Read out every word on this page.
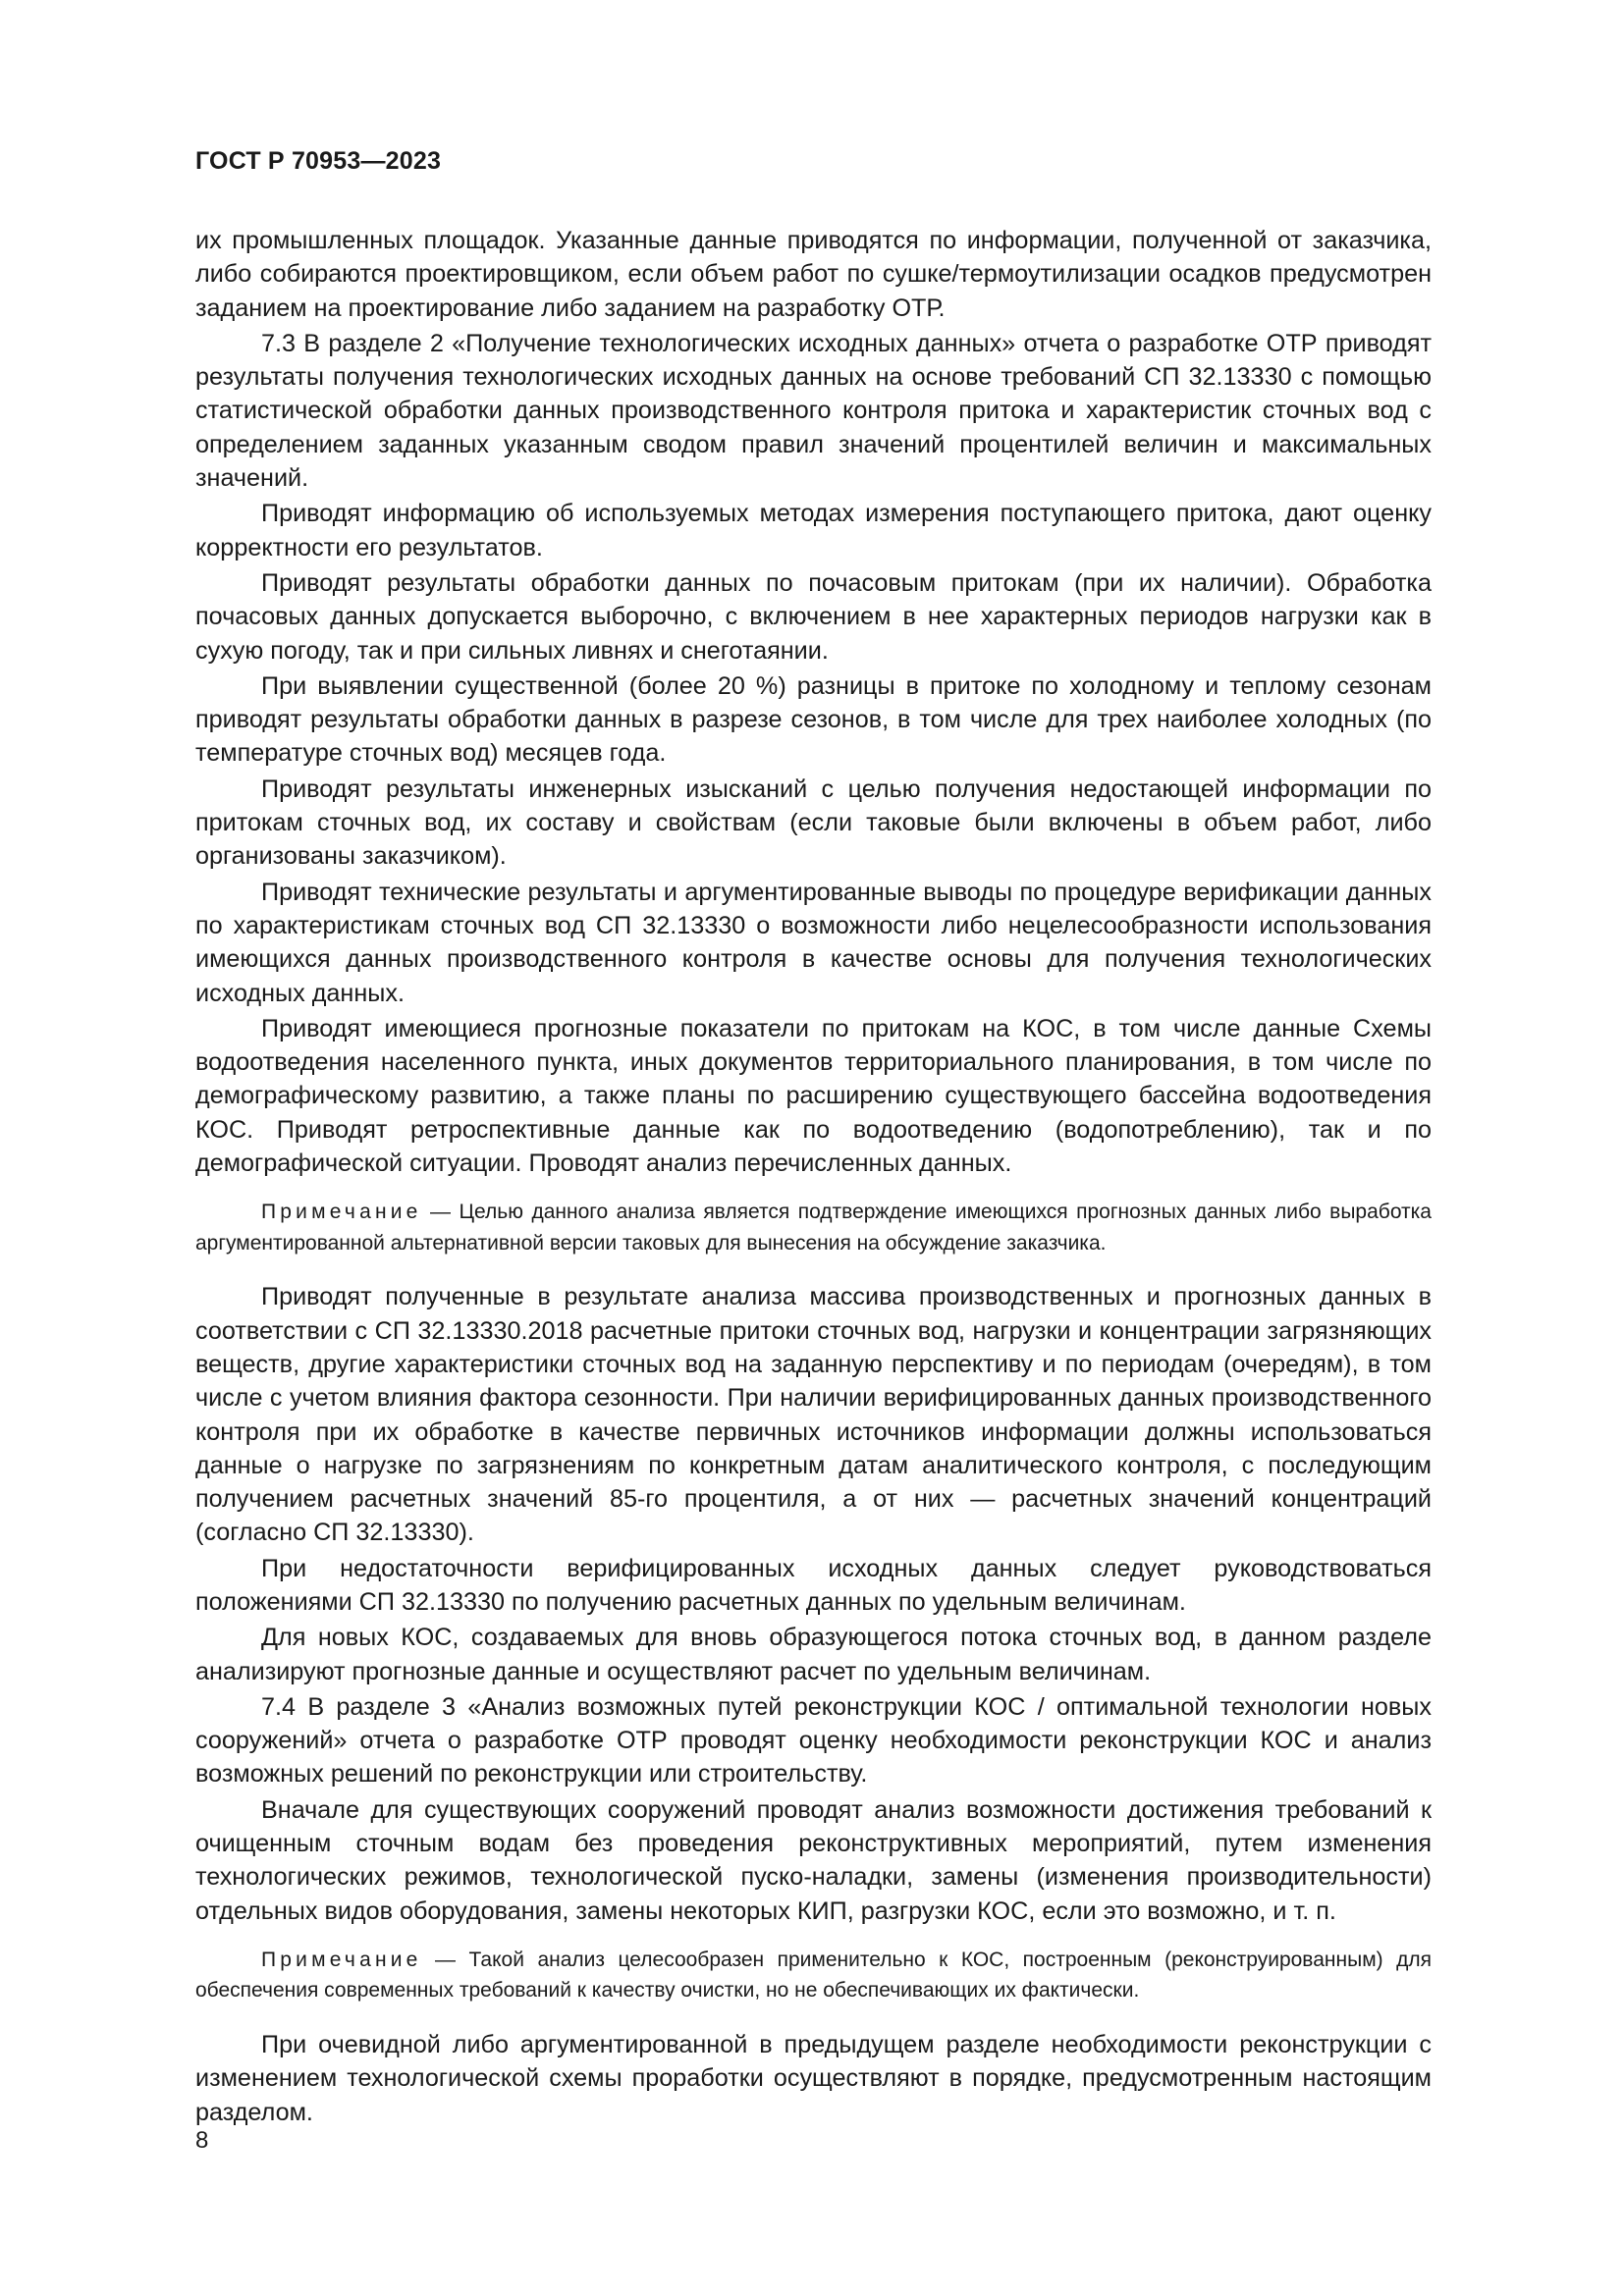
ГОСТ Р 70953—2023

их промышленных площадок. Указанные данные приводятся по информации, полученной от заказчика, либо собираются проектировщиком, если объем работ по сушке/термоутилизации осадков предусмотрен заданием на проектирование либо заданием на разработку ОТР.

7.3 В разделе 2 «Получение технологических исходных данных» отчета о разработке ОТР приводят результаты получения технологических исходных данных на основе требований СП 32.13330 с помощью статистической обработки данных производственного контроля притока и характеристик сточных вод с определением заданных указанным сводом правил значений процентилей величин и максимальных значений.

Приводят информацию об используемых методах измерения поступающего притока, дают оценку корректности его результатов.

Приводят результаты обработки данных по почасовым притокам (при их наличии). Обработка почасовых данных допускается выборочно, с включением в нее характерных периодов нагрузки как в сухую погоду, так и при сильных ливнях и снеготаянии.

При выявлении существенной (более 20 %) разницы в притоке по холодному и теплому сезонам приводят результаты обработки данных в разрезе сезонов, в том числе для трех наиболее холодных (по температуре сточных вод) месяцев года.

Приводят результаты инженерных изысканий с целью получения недостающей информации по притокам сточных вод, их составу и свойствам (если таковые были включены в объем работ, либо организованы заказчиком).

Приводят технические результаты и аргументированные выводы по процедуре верификации данных по характеристикам сточных вод СП 32.13330 о возможности либо нецелесообразности использования имеющихся данных производственного контроля в качестве основы для получения технологических исходных данных.

Приводят имеющиеся прогнозные показатели по притокам на КОС, в том числе данные Схемы водоотведения населенного пункта, иных документов территориального планирования, в том числе по демографическому развитию, а также планы по расширению существующего бассейна водоотведения КОС. Приводят ретроспективные данные как по водоотведению (водопотреблению), так и по демографической ситуации. Проводят анализ перечисленных данных.

Примечание — Целью данного анализа является подтверждение имеющихся прогнозных данных либо выработка аргументированной альтернативной версии таковых для вынесения на обсуждение заказчика.

Приводят полученные в результате анализа массива производственных и прогнозных данных в соответствии с СП 32.13330.2018 расчетные притоки сточных вод, нагрузки и концентрации загрязняющих веществ, другие характеристики сточных вод на заданную перспективу и по периодам (очередям), в том числе с учетом влияния фактора сезонности. При наличии верифицированных данных производственного контроля при их обработке в качестве первичных источников информации должны использоваться данные о нагрузке по загрязнениям по конкретным датам аналитического контроля, с последующим получением расчетных значений 85-го процентиля, а от них — расчетных значений концентраций (согласно СП 32.13330).

При недостаточности верифицированных исходных данных следует руководствоваться положениями СП 32.13330 по получению расчетных данных по удельным величинам.

Для новых КОС, создаваемых для вновь образующегося потока сточных вод, в данном разделе анализируют прогнозные данные и осуществляют расчет по удельным величинам.

7.4 В разделе 3 «Анализ возможных путей реконструкции КОС / оптимальной технологии новых сооружений» отчета о разработке ОТР проводят оценку необходимости реконструкции КОС и анализ возможных решений по реконструкции или строительству.

Вначале для существующих сооружений проводят анализ возможности достижения требований к очищенным сточным водам без проведения реконструктивных мероприятий, путем изменения технологических режимов, технологической пуско-наладки, замены (изменения производительности) отдельных видов оборудования, замены некоторых КИП, разгрузки КОС, если это возможно, и т. п.

Примечание — Такой анализ целесообразен применительно к КОС, построенным (реконструированным) для обеспечения современных требований к качеству очистки, но не обеспечивающих их фактически.

При очевидной либо аргументированной в предыдущем разделе необходимости реконструкции с изменением технологической схемы проработки осуществляют в порядке, предусмотренным настоящим разделом.

8
